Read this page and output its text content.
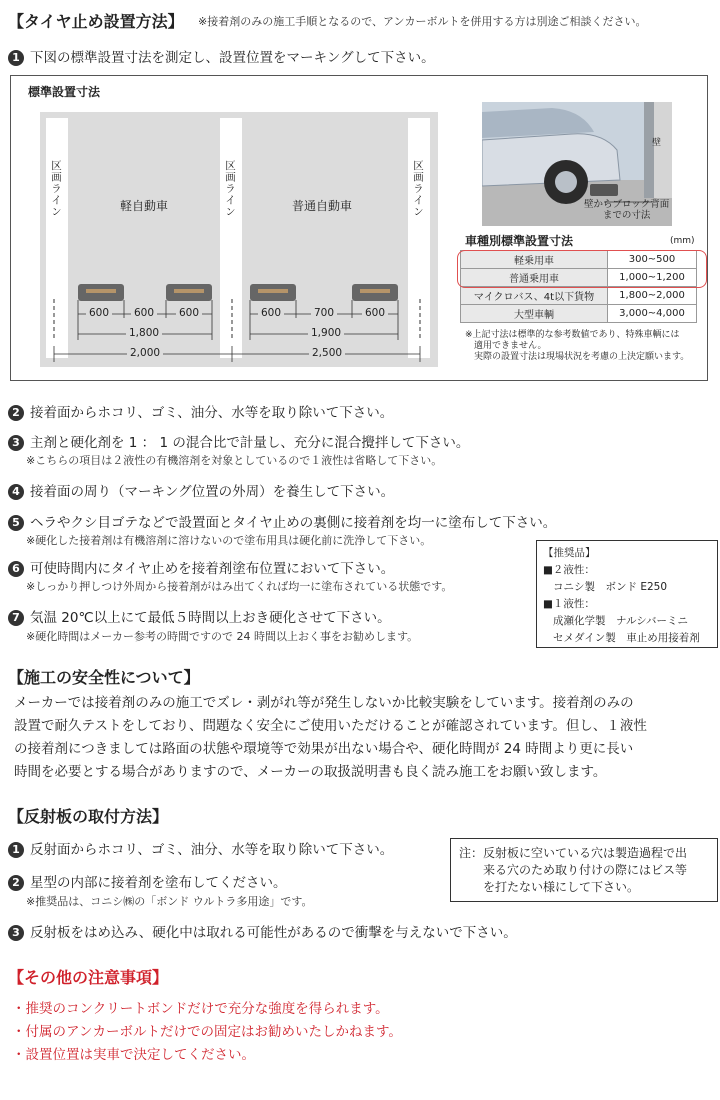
【タイヤ止め設置方法】 ※接着剤のみの施工手順となるので、アンカーボルトを併用する方は別途ご相談ください。
1 下図の標準設置寸法を測定し、設置位置をマーキングして下さい。
標準設置寸法
区画ライン	区画ライン	区画ライン
軽自動車	普通自動車
600 600 600
1,800
2,000
600	700	600
1,900
2,500
壁
壁からブロック背面
までの寸法
車種別標準設置寸法	(mm)
軽乗用車	300~500
普通乗用車	1,000~1,200
マイクロバス、4t以下貨物	1,800~2,000
大型車輌	3,000~4,000
※上記寸法は標準的な参考数値であり、特殊車輌には
適用できません。
実際の設置寸法は現場状況を考慮の上決定願います。
2 接着面からホコリ、ゴミ、油分、水等を取り除いて下さい。
3 主剤と硬化剤を 1 ： 1 の混合比で計量し、充分に混合攪拌して下さい。
※こちらの項目は２液性の有機溶剤を対象としているので１液性は省略して下さい。
4 接着面の周り（マーキング位置の外周）を養生して下さい。
5 ヘラやクシ目ゴテなどで設置面とタイヤ止めの裏側に接着剤を均一に塗布して下さい。
※硬化した接着剤は有機溶剤に溶けないので塗布用具は硬化前に洗浄して下さい。
6 可使時間内にタイヤ止めを接着剤塗布位置において下さい。
※しっかり押しつけ外周から接着剤がはみ出てくれば均一に塗布されている状態です。
7 気温 20℃以上にて最低５時間以上おき硬化させて下さい。
※硬化時間はメーカー参考の時間ですので 24 時間以上おく事をお勧めします。
【推奨品】
■２液性：
コニシ製　ボンド E250
■１液性：
成瀬化学製　ナルシバーミニ
セメダイン製　車止め用接着剤
【施工の安全性について】
メーカーでは接着剤のみの施工でズレ・剥がれ等が発生しないか比較実験をしています。接着剤のみの
設置で耐久テストをしており、問題なく安全にご使用いただけることが確認されています。但し、１液性
の接着剤につきましては路面の状態や環境等で効果が出ない場合や、硬化時間が 24 時間より更に長い
時間を必要とする場合がありますので、メーカーの取扱説明書も良く読み施工をお願い致します。
【反射板の取付方法】
1 反射面からホコリ、ゴミ、油分、水等を取り除いて下さい。
2 星型の内部に接着剤を塗布してください。
※推奨品は、コニシ㈱の「ボンド ウルトラ多用途」です。
3 反射板をはめ込み、硬化中は取れる可能性があるので衝撃を与えないで下さい。
注：反射板に空いている穴は製造過程で出
来る穴のため取り付けの際にはビス等
を打たない様にして下さい。
【その他の注意事項】
・推奨のコンクリートボンドだけで充分な強度を得られます。
・付属のアンカーボルトだけでの固定はお勧めいたしかねます。
・設置位置は実車で決定してください。
